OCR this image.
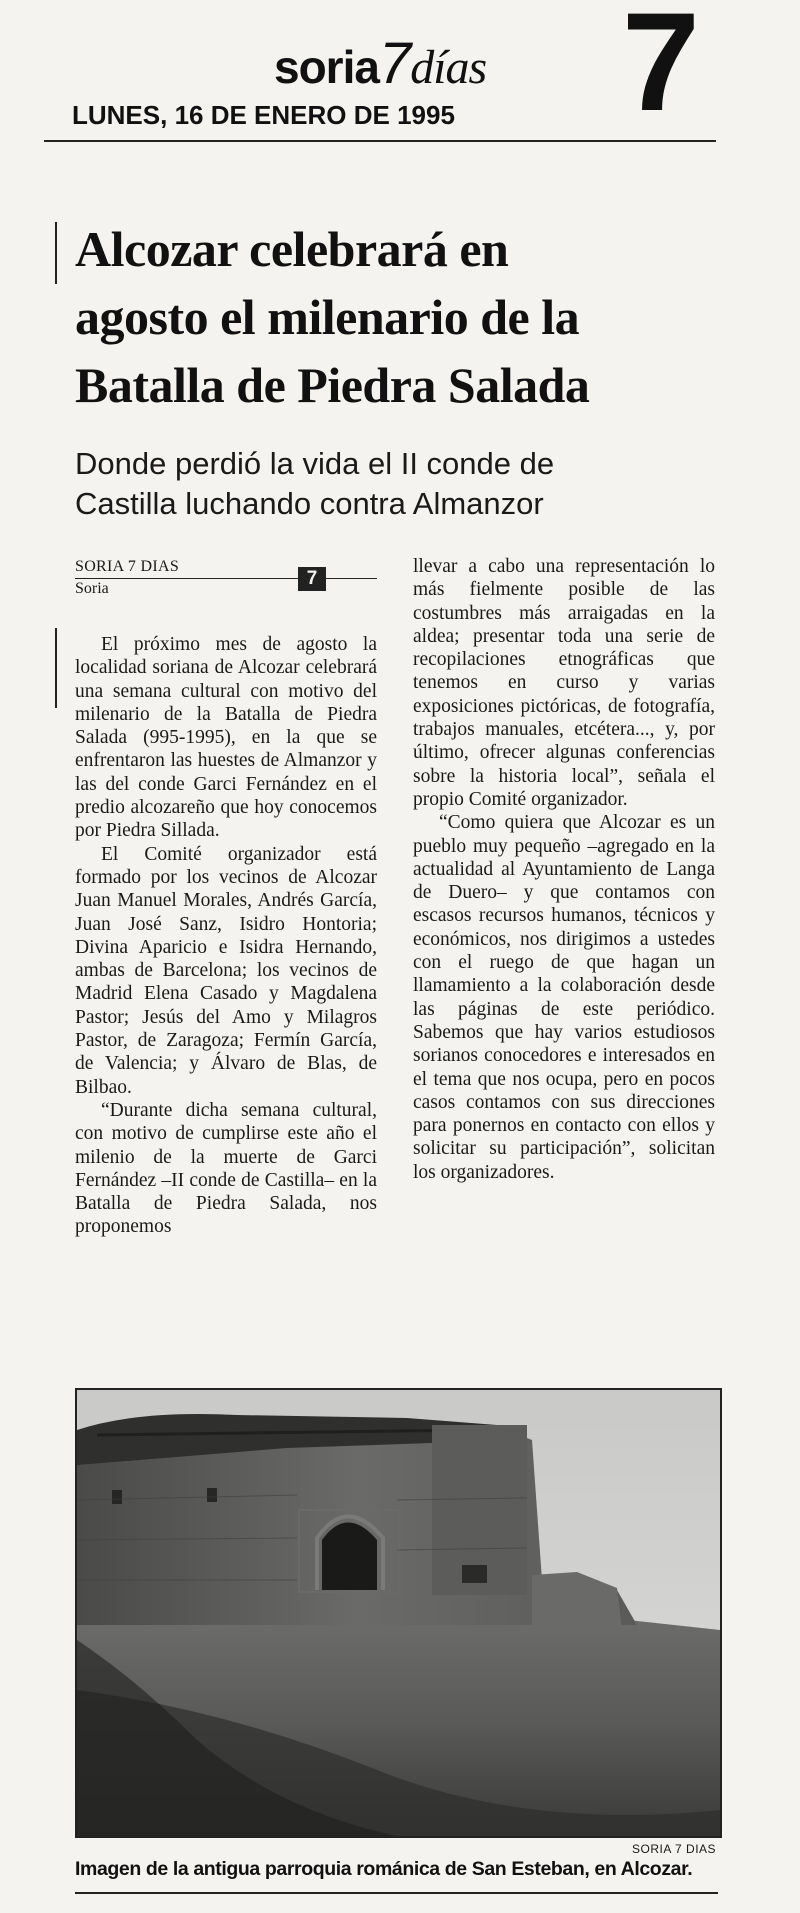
soria7días 7
LUNES, 16 DE ENERO DE 1995
Alcozar celebrará en
agosto el milenario de la
Batalla de Piedra Salada
Donde perdió la vida el II conde de
Castilla luchando contra Almanzor
SORIA 7 DIAS
7
Soria

El próximo mes de agosto la localidad soriana de Alcozar celebrará una semana cultural con motivo del milenario de la Batalla de Piedra Salada (995-1995), en la que se enfrentaron las huestes de Almanzor y las del conde Garci Fernández en el predio alcozareño que hoy conocemos por Piedra Sillada.

El Comité organizador está formado por los vecinos de Alcozar Juan Manuel Morales, Andrés García, Juan José Sanz, Isidro Hontoria; Divina Aparicio e Isidra Hernando, ambas de Barcelona; los vecinos de Madrid Elena Casado y Magdalena Pastor; Jesús del Amo y Milagros Pastor, de Zaragoza; Fermín García, de Valencia; y Álvaro de Blas, de Bilbao.

“Durante dicha semana cultural, con motivo de cumplirse este año el milenio de la muerte de Garci Fernández –II conde de Castilla– en la Batalla de Piedra Salada, nos proponemos

llevar a cabo una representación lo más fielmente posible de las costumbres más arraigadas en la aldea; presentar toda una serie de recopilaciones etnográficas que tenemos en curso y varias exposiciones pictóricas, de fotografía, trabajos manuales, etcétera..., y, por último, ofrecer algunas conferencias sobre la historia local”, señala el propio Comité organizador.

“Como quiera que Alcozar es un pueblo muy pequeño –agregado en la actualidad al Ayuntamiento de Langa de Duero– y que contamos con escasos recursos humanos, técnicos y económicos, nos dirigimos a ustedes con el ruego de que hagan un llamamiento a la colaboración desde las páginas de este periódico. Sabemos que hay varios estudiosos sorianos conocedores e interesados en el tema que nos ocupa, pero en pocos casos contamos con sus direcciones para ponernos en contacto con ellos y solicitar su participación”, solicitan los organizadores.

SORIA 7 DIAS
Imagen de la antigua parroquia románica de San Esteban, en Alcozar.
